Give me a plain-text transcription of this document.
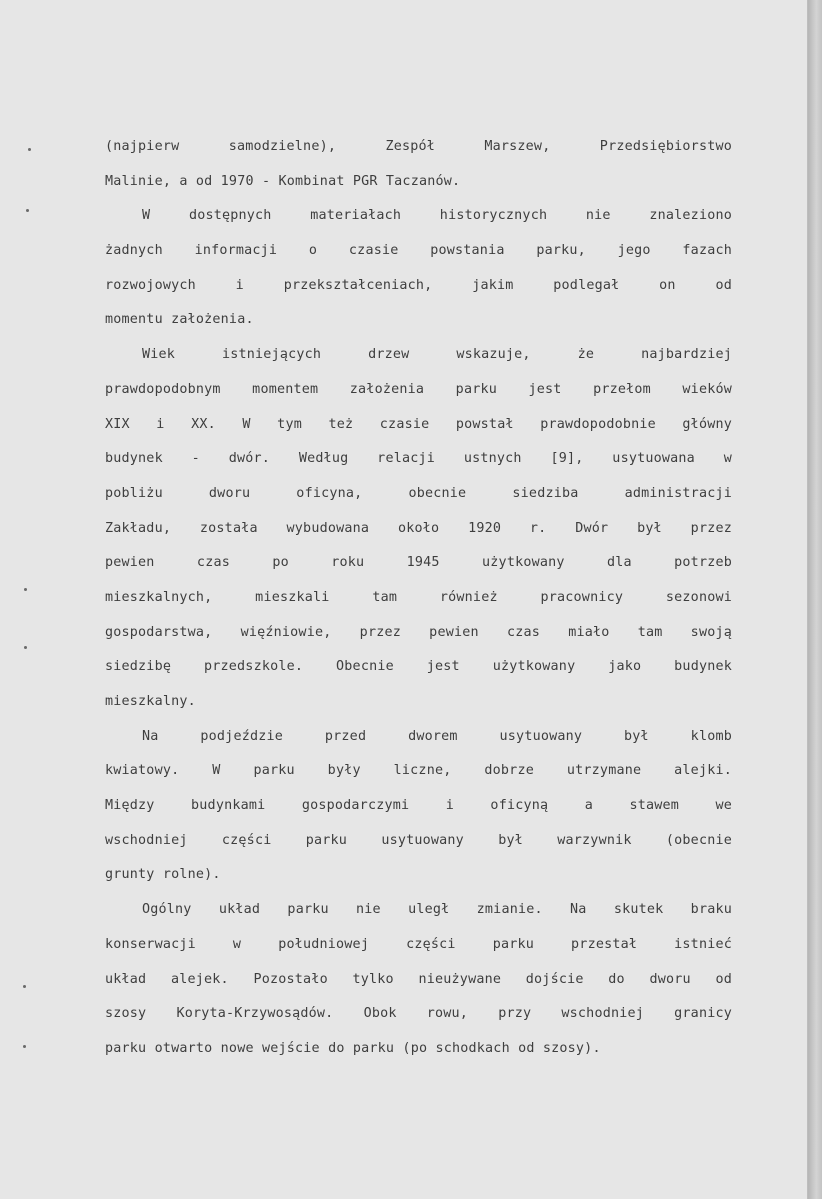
(najpierw samodzielne), Zespół Marszew, Przedsiębiorstwo
Malinie, a od 1970 - Kombinat PGR Taczanów.
W dostępnych materiałach historycznych nie znaleziono
żadnych informacji o czasie powstania parku, jego fazach
rozwojowych i przekształceniach, jakim podlegał on od
momentu założenia.
Wiek istniejących drzew wskazuje, że najbardziej
prawdopodobnym momentem założenia parku jest przełom wieków
XIX i XX. W tym też czasie powstał prawdopodobnie główny
budynek - dwór. Według relacji ustnych [9], usytuowana w
pobliżu dworu oficyna, obecnie siedziba administracji
Zakładu, została wybudowana około 1920 r. Dwór był przez
pewien czas po roku 1945 użytkowany dla potrzeb
mieszkalnych, mieszkali tam również pracownicy sezonowi
gospodarstwa, więźniowie, przez pewien czas miało tam swoją
siedzibę przedszkole. Obecnie jest użytkowany jako budynek
mieszkalny.
Na podjeździe przed dworem usytuowany był klomb
kwiatowy. W parku były liczne, dobrze utrzymane alejki.
Między budynkami gospodarczymi i oficyną a stawem we
wschodniej części parku usytuowany był warzywnik (obecnie
grunty rolne).
Ogólny układ parku nie uległ zmianie. Na skutek braku
konserwacji w południowej części parku przestał istnieć
układ alejek. Pozostało tylko nieużywane dojście do dworu od
szosy Koryta-Krzywosądów. Obok rowu, przy wschodniej granicy
parku otwarto nowe wejście do parku (po schodkach od szosy).
